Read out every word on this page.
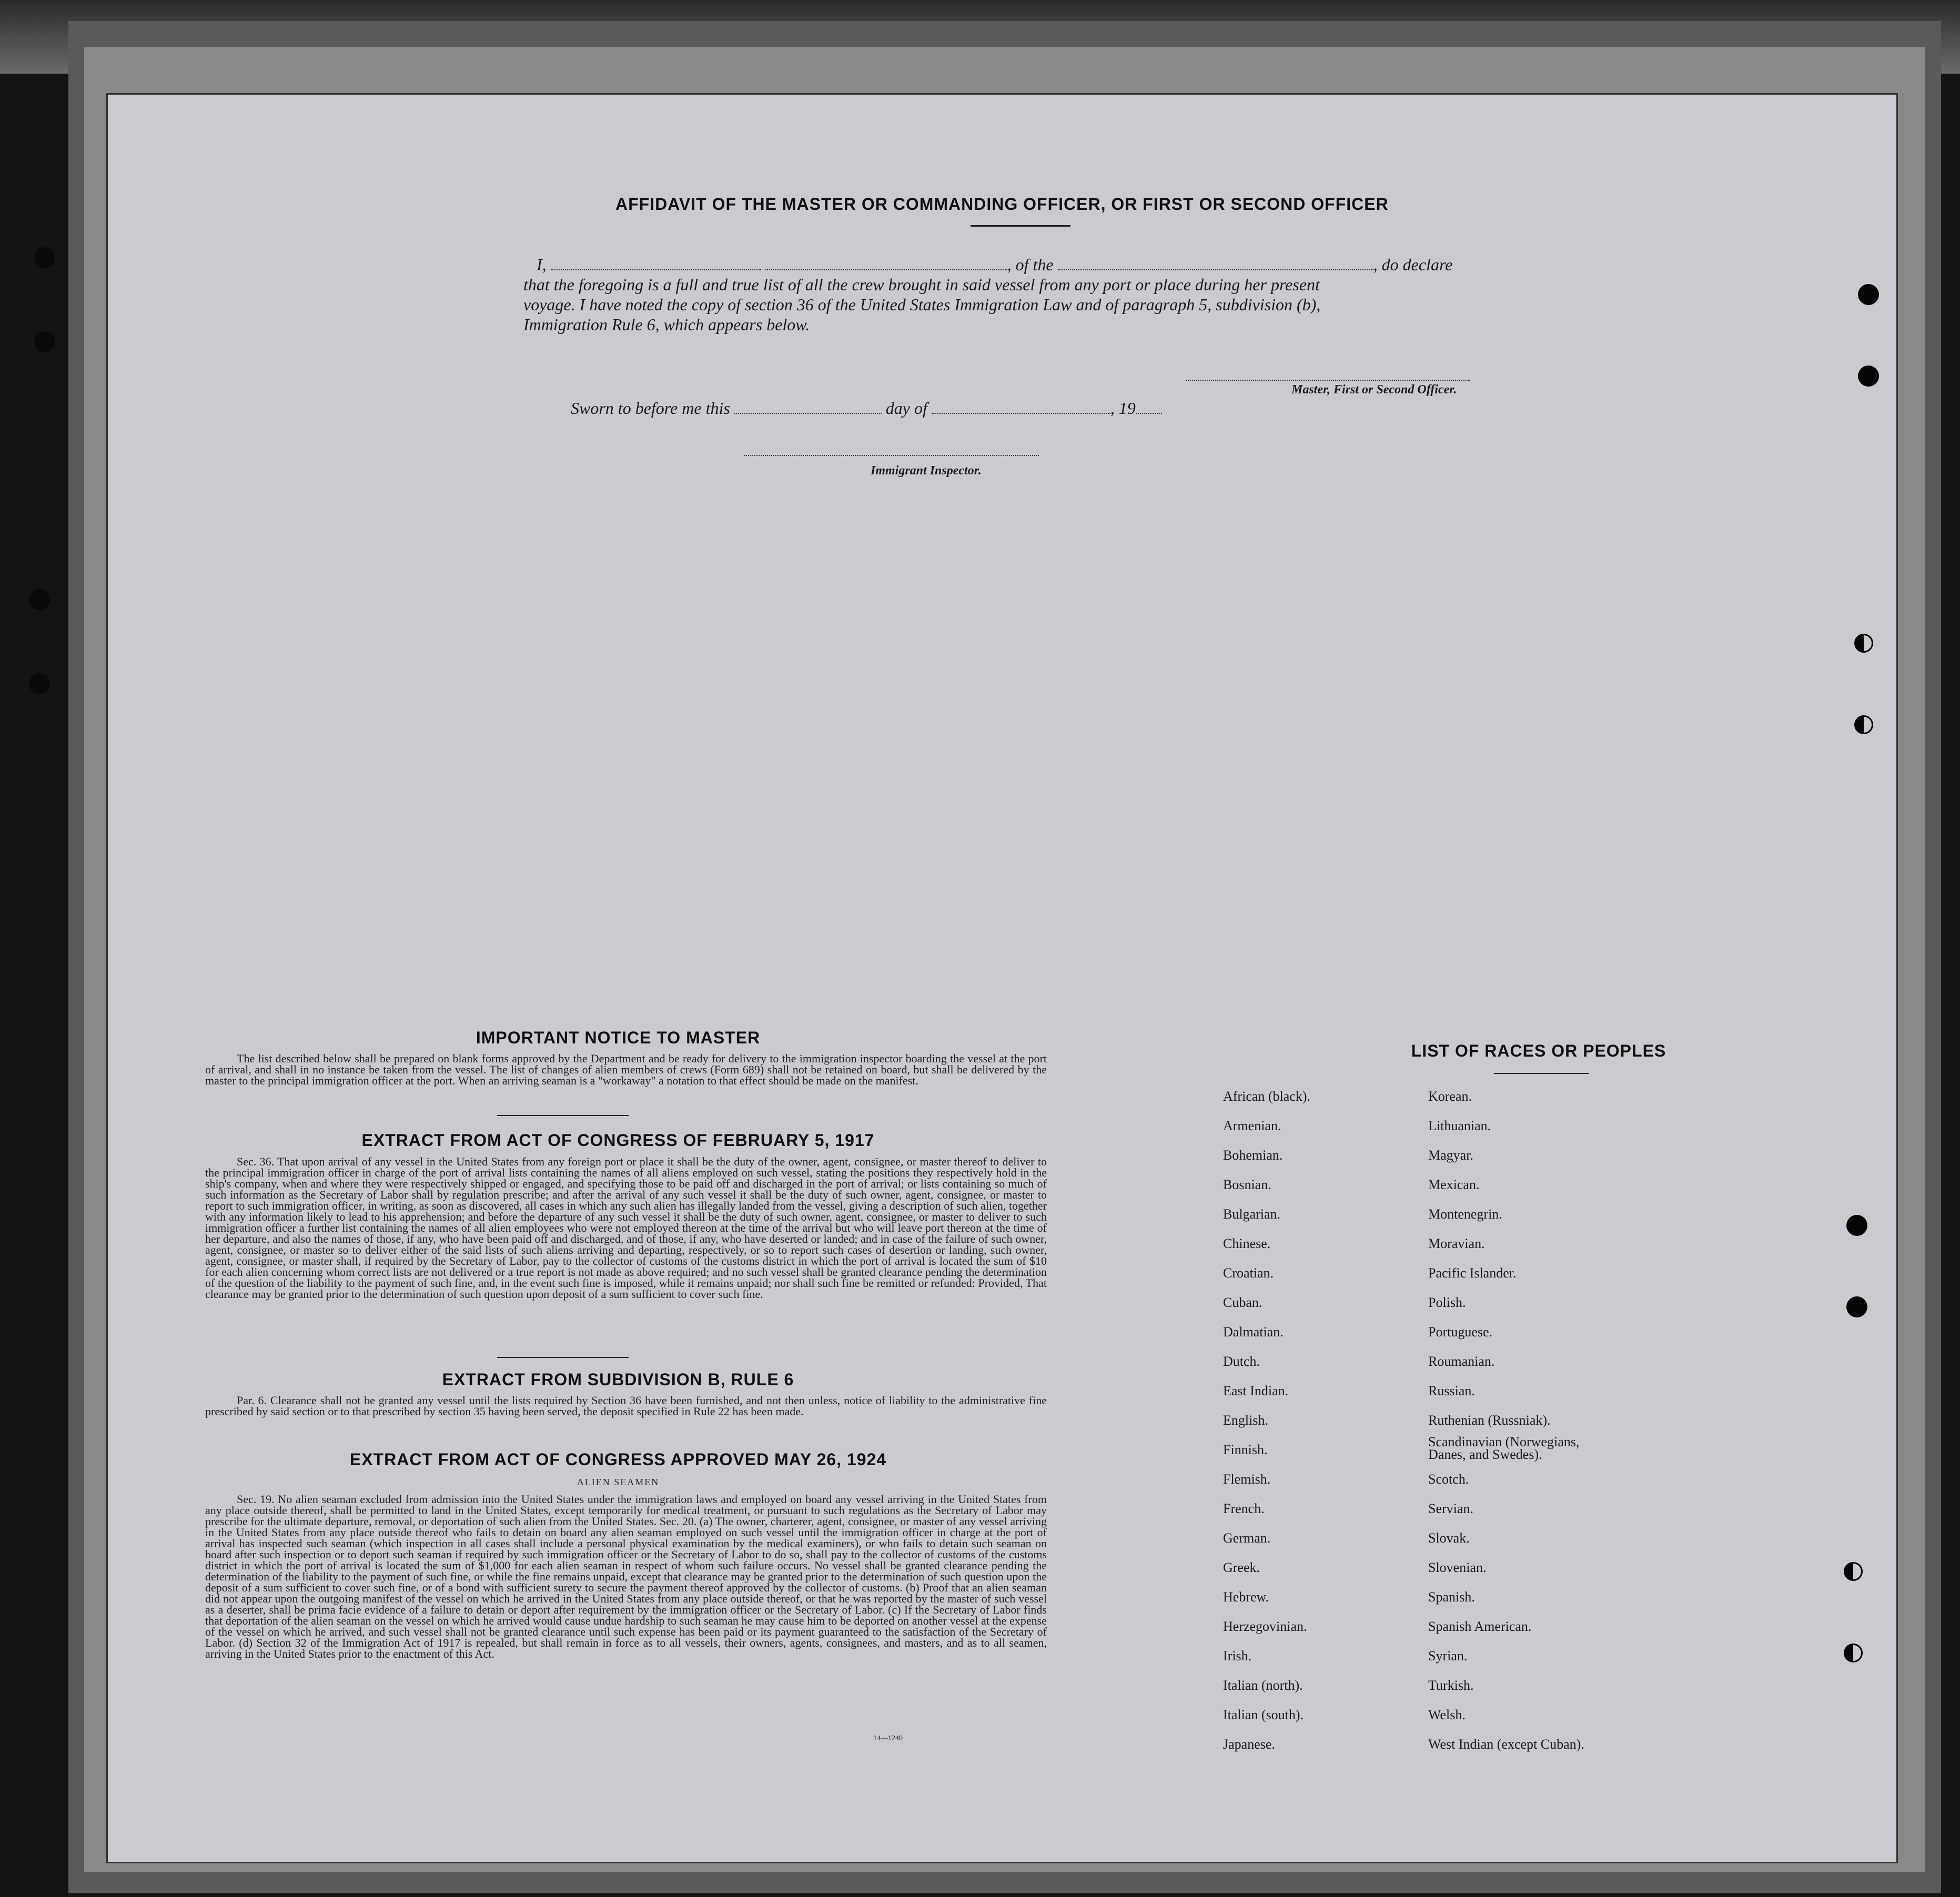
AFFIDAVIT OF THE MASTER OR COMMANDING OFFICER, OR FIRST OR SECOND OFFICER
I,	, of the	, do declare
that the foregoing is a full and true list of all the crew brought in said vessel from any port or place during her present
voyage. I have noted the copy of section 36 of the United States Immigration Law and of paragraph 5, subdivision (b),
Immigration Rule 6, which appears below.
Master, First or Second Officer.
Sworn to before me this	day of	, 19
Immigrant Inspector.
IMPORTANT NOTICE TO MASTER
The list described below shall be prepared on blank forms approved by the Department and be ready for delivery to the immigration inspector boarding the vessel at the port of arrival, and shall in no instance be taken from the vessel. The list of changes of alien members of crews (Form 689) shall not be retained on board, but shall be delivered by the master to the principal immigration officer at the port. When an arriving seaman is a "workaway" a notation to that effect should be made on the manifest.
EXTRACT FROM ACT OF CONGRESS OF FEBRUARY 5, 1917
Sec. 36. That upon arrival of any vessel in the United States from any foreign port or place it shall be the duty of the owner, agent, consignee, or master thereof to deliver to the principal immigration officer in charge of the port of arrival lists containing the names of all aliens employed on such vessel, stating the positions they respectively hold in the ship's company, when and where they were respectively shipped or engaged, and specifying those to be paid off and discharged in the port of arrival; or lists containing so much of such information as the Secretary of Labor shall by regulation prescribe; and after the arrival of any such vessel it shall be the duty of such owner, agent, consignee, or master to report to such immigration officer, in writing, as soon as discovered, all cases in which any such alien has illegally landed from the vessel, giving a description of such alien, together with any information likely to lead to his apprehension; and before the departure of any such vessel it shall be the duty of such owner, agent, consignee, or master to deliver to such immigration officer a further list containing the names of all alien employees who were not employed thereon at the time of the arrival but who will leave port thereon at the time of her departure, and also the names of those, if any, who have been paid off and discharged, and of those, if any, who have deserted or landed; and in case of the failure of such owner, agent, consignee, or master so to deliver either of the said lists of such aliens arriving and departing, respectively, or so to report such cases of desertion or landing, such owner, agent, consignee, or master shall, if required by the Secretary of Labor, pay to the collector of customs of the customs district in which the port of arrival is located the sum of $10 for each alien concerning whom correct lists are not delivered or a true report is not made as above required; and no such vessel shall be granted clearance pending the determination of the question of the liability to the payment of such fine, and, in the event such fine is imposed, while it remains unpaid; nor shall such fine be remitted or refunded: Provided, That clearance may be granted prior to the determination of such question upon deposit of a sum sufficient to cover such fine.
EXTRACT FROM SUBDIVISION B, RULE 6
Par. 6. Clearance shall not be granted any vessel until the lists required by Section 36 have been furnished, and not then unless, notice of liability to the administrative fine prescribed by said section or to that prescribed by section 35 having been served, the deposit specified in Rule 22 has been made.
EXTRACT FROM ACT OF CONGRESS APPROVED MAY 26, 1924
ALIEN SEAMEN
Sec. 19. No alien seaman excluded from admission into the United States under the immigration laws and employed on board any vessel arriving in the United States from any place outside thereof, shall be permitted to land in the United States, except temporarily for medical treatment, or pursuant to such regulations as the Secretary of Labor may prescribe for the ultimate departure, removal, or deportation of such alien from the United States. Sec. 20. (a) The owner, charterer, agent, consignee, or master of any vessel arriving in the United States from any place outside thereof who fails to detain on board any alien seaman employed on such vessel until the immigration officer in charge at the port of arrival has inspected such seaman (which inspection in all cases shall include a personal physical examination by the medical examiners), or who fails to detain such seaman on board after such inspection or to deport such seaman if required by such immigration officer or the Secretary of Labor to do so, shall pay to the collector of customs of the customs district in which the port of arrival is located the sum of $1,000 for each alien seaman in respect of whom such failure occurs. No vessel shall be granted clearance pending the determination of the liability to the payment of such fine, or while the fine remains unpaid, except that clearance may be granted prior to the determination of such question upon the deposit of a sum sufficient to cover such fine, or of a bond with sufficient surety to secure the payment thereof approved by the collector of customs. (b) Proof that an alien seaman did not appear upon the outgoing manifest of the vessel on which he arrived in the United States from any place outside thereof, or that he was reported by the master of such vessel as a deserter, shall be prima facie evidence of a failure to detain or deport after requirement by the immigration officer or the Secretary of Labor. (c) If the Secretary of Labor finds that deportation of the alien seaman on the vessel on which he arrived would cause undue hardship to such seaman he may cause him to be deported on another vessel at the expense of the vessel on which he arrived, and such vessel shall not be granted clearance until such expense has been paid or its payment guaranteed to the satisfaction of the Secretary of Labor. (d) Section 32 of the Immigration Act of 1917 is repealed, but shall remain in force as to all vessels, their owners, agents, consignees, and masters, and as to all seamen, arriving in the United States prior to the enactment of this Act.
14—1240
LIST OF RACES OR PEOPLES
African (black).
Armenian.
Bohemian.
Bosnian.
Bulgarian.
Chinese.
Croatian.
Cuban.
Dalmatian.
Dutch.
East Indian.
English.
Finnish.
Flemish.
French.
German.
Greek.
Hebrew.
Herzegovinian.
Irish.
Italian (north).
Italian (south).
Japanese.
Korean.
Lithuanian.
Magyar.
Mexican.
Montenegrin.
Moravian.
Pacific Islander.
Polish.
Portuguese.
Roumanian.
Russian.
Ruthenian (Russniak).
Scandinavian (Norwegians, Danes, and Swedes).
Scotch.
Servian.
Slovak.
Slovenian.
Spanish.
Spanish American.
Syrian.
Turkish.
Welsh.
West Indian (except Cuban).
